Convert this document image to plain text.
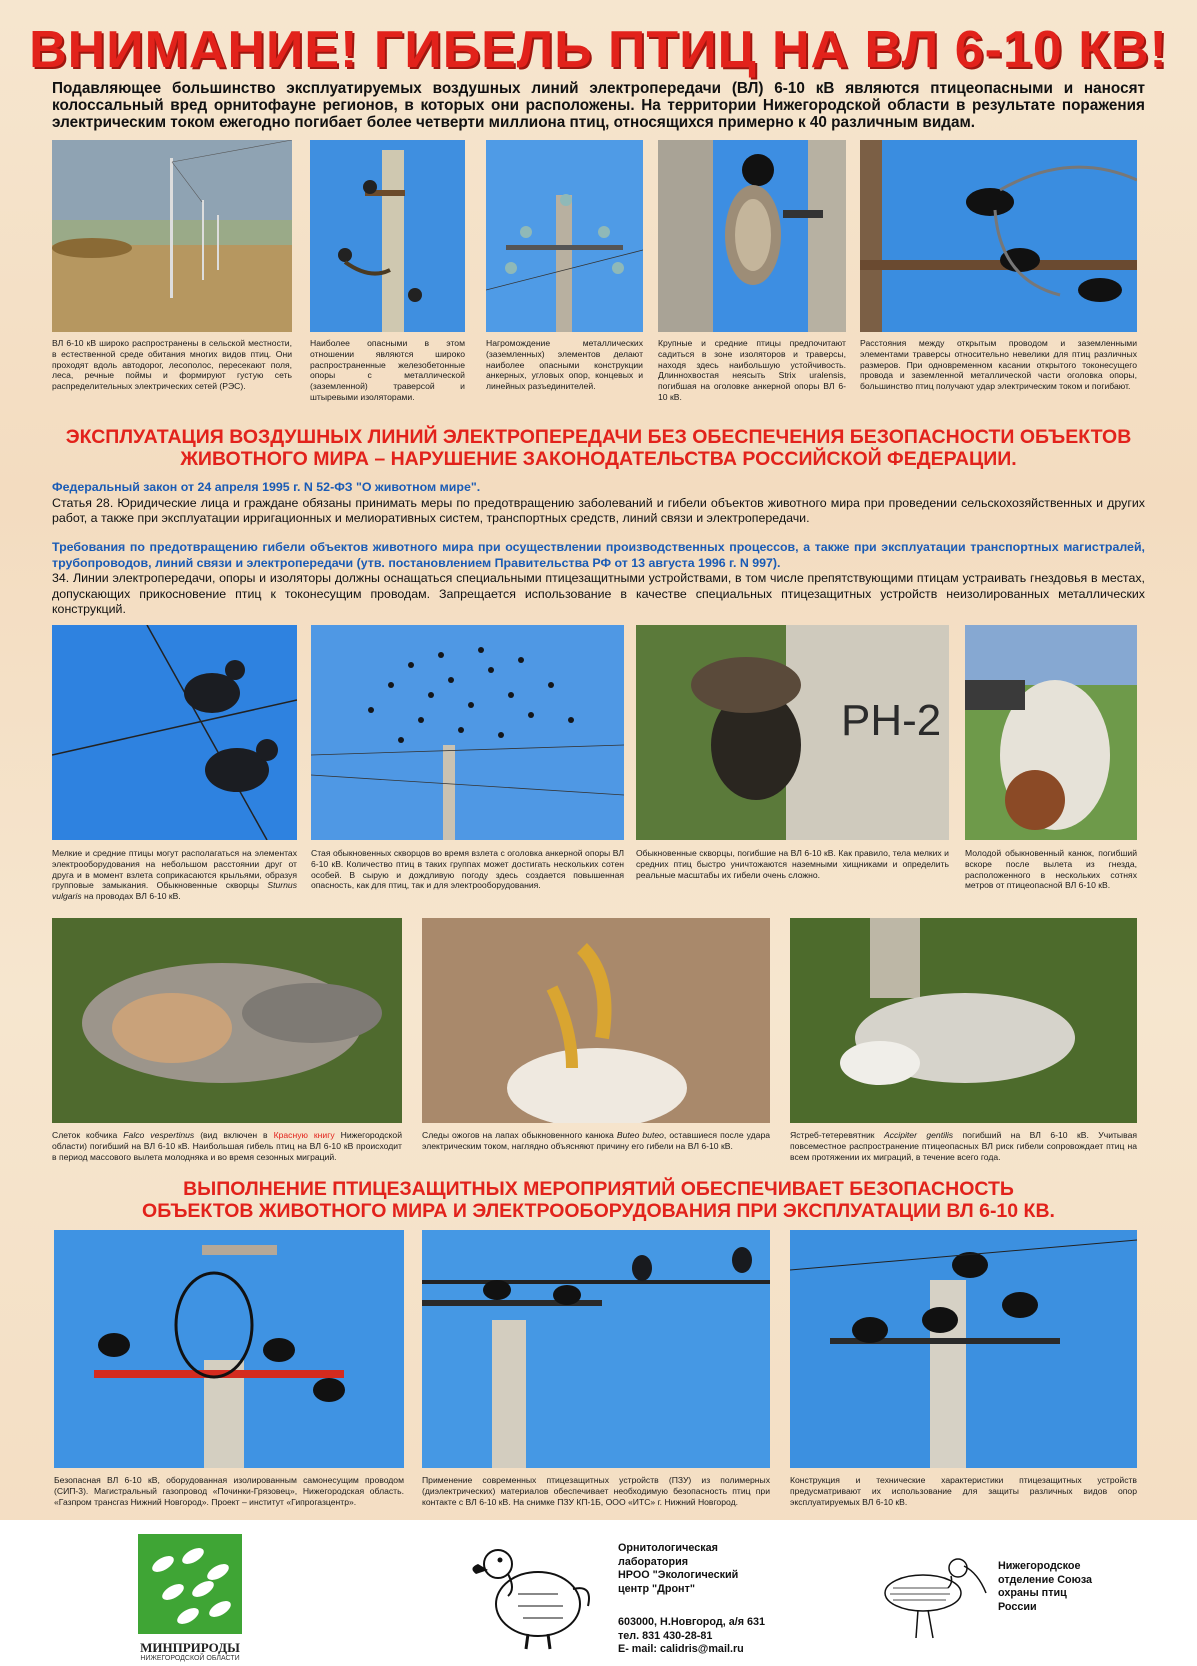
ВНИМАНИЕ! ГИБЕЛЬ ПТИЦ НА ВЛ 6-10 КВ!
Подавляющее большинство эксплуатируемых воздушных линий электропередачи (ВЛ) 6-10 кВ являются птицеопасными и наносят колоссальный вред орнитофауне регионов, в которых они расположены. На территории Нижегородской области в результате поражения электрическим током ежегодно погибает более четверти миллиона птиц, относящихся примерно к 40 различным видам.
ВЛ 6-10 кВ широко распространены в сельской местности, в естественной среде обитания многих видов птиц. Они проходят вдоль автодорог, лесополос, пересекают поля, леса, речные поймы и формируют густую сеть распределительных электрических сетей (РЭС).
Наиболее опасными в этом отношении являются широко распространенные железобетонные опоры с металлической (заземленной) траверсой и штыревыми изоляторами.
Нагромождение металлических (заземленных) элементов делают наиболее опасными конструкции анкерных, угловых опор, концевых и линейных разъединителей.
Крупные и средние птицы предпочитают садиться в зоне изоляторов и траверсы, находя здесь наибольшую устойчивость. Длиннохвостая неясыть Strix uralensis, погибшая на оголовке анкерной опоры ВЛ 6-10 кВ.
Расстояния между открытым проводом и заземленными элементами траверсы относительно невелики для птиц различных размеров. При одновременном касании открытого токонесущего провода и заземленной металлической части оголовка опоры, большинство птиц получают удар электрическим током и погибают.
ЭКСПЛУАТАЦИЯ ВОЗДУШНЫХ ЛИНИЙ ЭЛЕКТРОПЕРЕДАЧИ БЕЗ ОБЕСПЕЧЕНИЯ БЕЗОПАСНОСТИ ОБЪЕКТОВ
ЖИВОТНОГО МИРА – НАРУШЕНИЕ ЗАКОНОДАТЕЛЬСТВА РОССИЙСКОЙ ФЕДЕРАЦИИ.
Федеральный закон от 24 апреля 1995 г. N 52-ФЗ "О животном мире".
Статья 28. Юридические лица и граждане обязаны принимать меры по предотвращению заболеваний и гибели объектов животного мира при проведении сельскохозяйственных и других работ, а также при эксплуатации ирригационных и мелиоративных систем, транспортных средств, линий связи и электропередачи.
Требования по предотвращению гибели объектов животного мира при осуществлении производственных процессов, а также при эксплуатации транспортных магистралей, трубопроводов, линий связи и электропередачи (утв. постановлением Правительства РФ от 13 августа 1996 г. N 997).
34. Линии электропередачи, опоры и изоляторы должны оснащаться специальными птицезащитными устройствами, в том числе препятствующими птицам устраивать гнездовья в местах, допускающих прикосновение птиц к токонесущим проводам. Запрещается использование в качестве специальных птицезащитных устройств неизолированных металлических конструкций.
PH-2
Мелкие и средние птицы могут располагаться на элементах электрооборудования на небольшом расстоянии друг от друга и в момент взлета соприкасаются крыльями, образуя групповые замыкания. Обыкновенные скворцы Sturnus vulgaris на проводах ВЛ 6-10 кВ.
Стая обыкновенных скворцов во время взлета с оголовка анкерной опоры ВЛ 6-10 кВ. Количество птиц в таких группах может достигать нескольких сотен особей. В сырую и дождливую погоду здесь создается повышенная опасность, как для птиц, так и для электрооборудования.
Обыкновенные скворцы, погибшие на ВЛ 6-10 кВ. Как правило, тела мелких и средних птиц быстро уничтожаются наземными хищниками и определить реальные масштабы их гибели очень сложно.
Молодой обыкновенный канюк, погибший вскоре после вылета из гнезда, расположенного в нескольких сотнях метров от птицеопасной ВЛ 6-10 кВ.
Слеток кобчика Falco vespertinus (вид включен в Красную книгу Нижегородской области) погибший на ВЛ 6-10 кВ. Наибольшая гибель птиц на ВЛ 6-10 кВ происходит в период массового вылета молодняка и во время сезонных миграций.
Следы ожогов на лапах обыкновенного канюка Buteo buteo, оставшиеся после удара электрическим током, наглядно объясняют причину его гибели на ВЛ 6-10 кВ.
Ястреб-тетеревятник Accipiter gentilis погибший на ВЛ 6-10 кВ. Учитывая повсеместное распространение птицеопасных ВЛ риск гибели сопровождает птиц на всем протяжении их миграций, в течение всего года.
ВЫПОЛНЕНИЕ ПТИЦЕЗАЩИТНЫХ МЕРОПРИЯТИЙ ОБЕСПЕЧИВАЕТ БЕЗОПАСНОСТЬ
ОБЪЕКТОВ ЖИВОТНОГО МИРА И ЭЛЕКТРООБОРУДОВАНИЯ ПРИ ЭКСПЛУАТАЦИИ ВЛ 6-10 КВ.
Безопасная ВЛ 6-10 кВ, оборудованная изолированным самонесущим проводом (СИП-3). Магистральный газопровод «Починки-Грязовец», Нижегородская область. «Газпром трансгаз Нижний Новгород». Проект – институт «Гипрогазцентр».
Применение современных птицезащитных устройств (ПЗУ) из полимерных (диэлектрических) материалов обеспечивает необходимую безопасность птиц при контакте с ВЛ 6-10 кВ. На снимке ПЗУ КП-1Б, ООО «ИТС» г. Нижний Новгород.
Конструкция и технические характеристики птицезащитных устройств предусматривают их использование для защиты различных видов опор эксплуатируемых ВЛ 6-10 кВ.
МИНПРИРОДЫ
НИЖЕГОРОДСКОЙ ОБЛАСТИ
Орнитологическая
лаборатория
НРОО "Экологический
центр "Дронт"
603000, Н.Новгород, а/я 631
тел. 831 430-28-81
E- mail: calidris@mail.ru
Нижегородское
отделение Союза
охраны птиц
России
